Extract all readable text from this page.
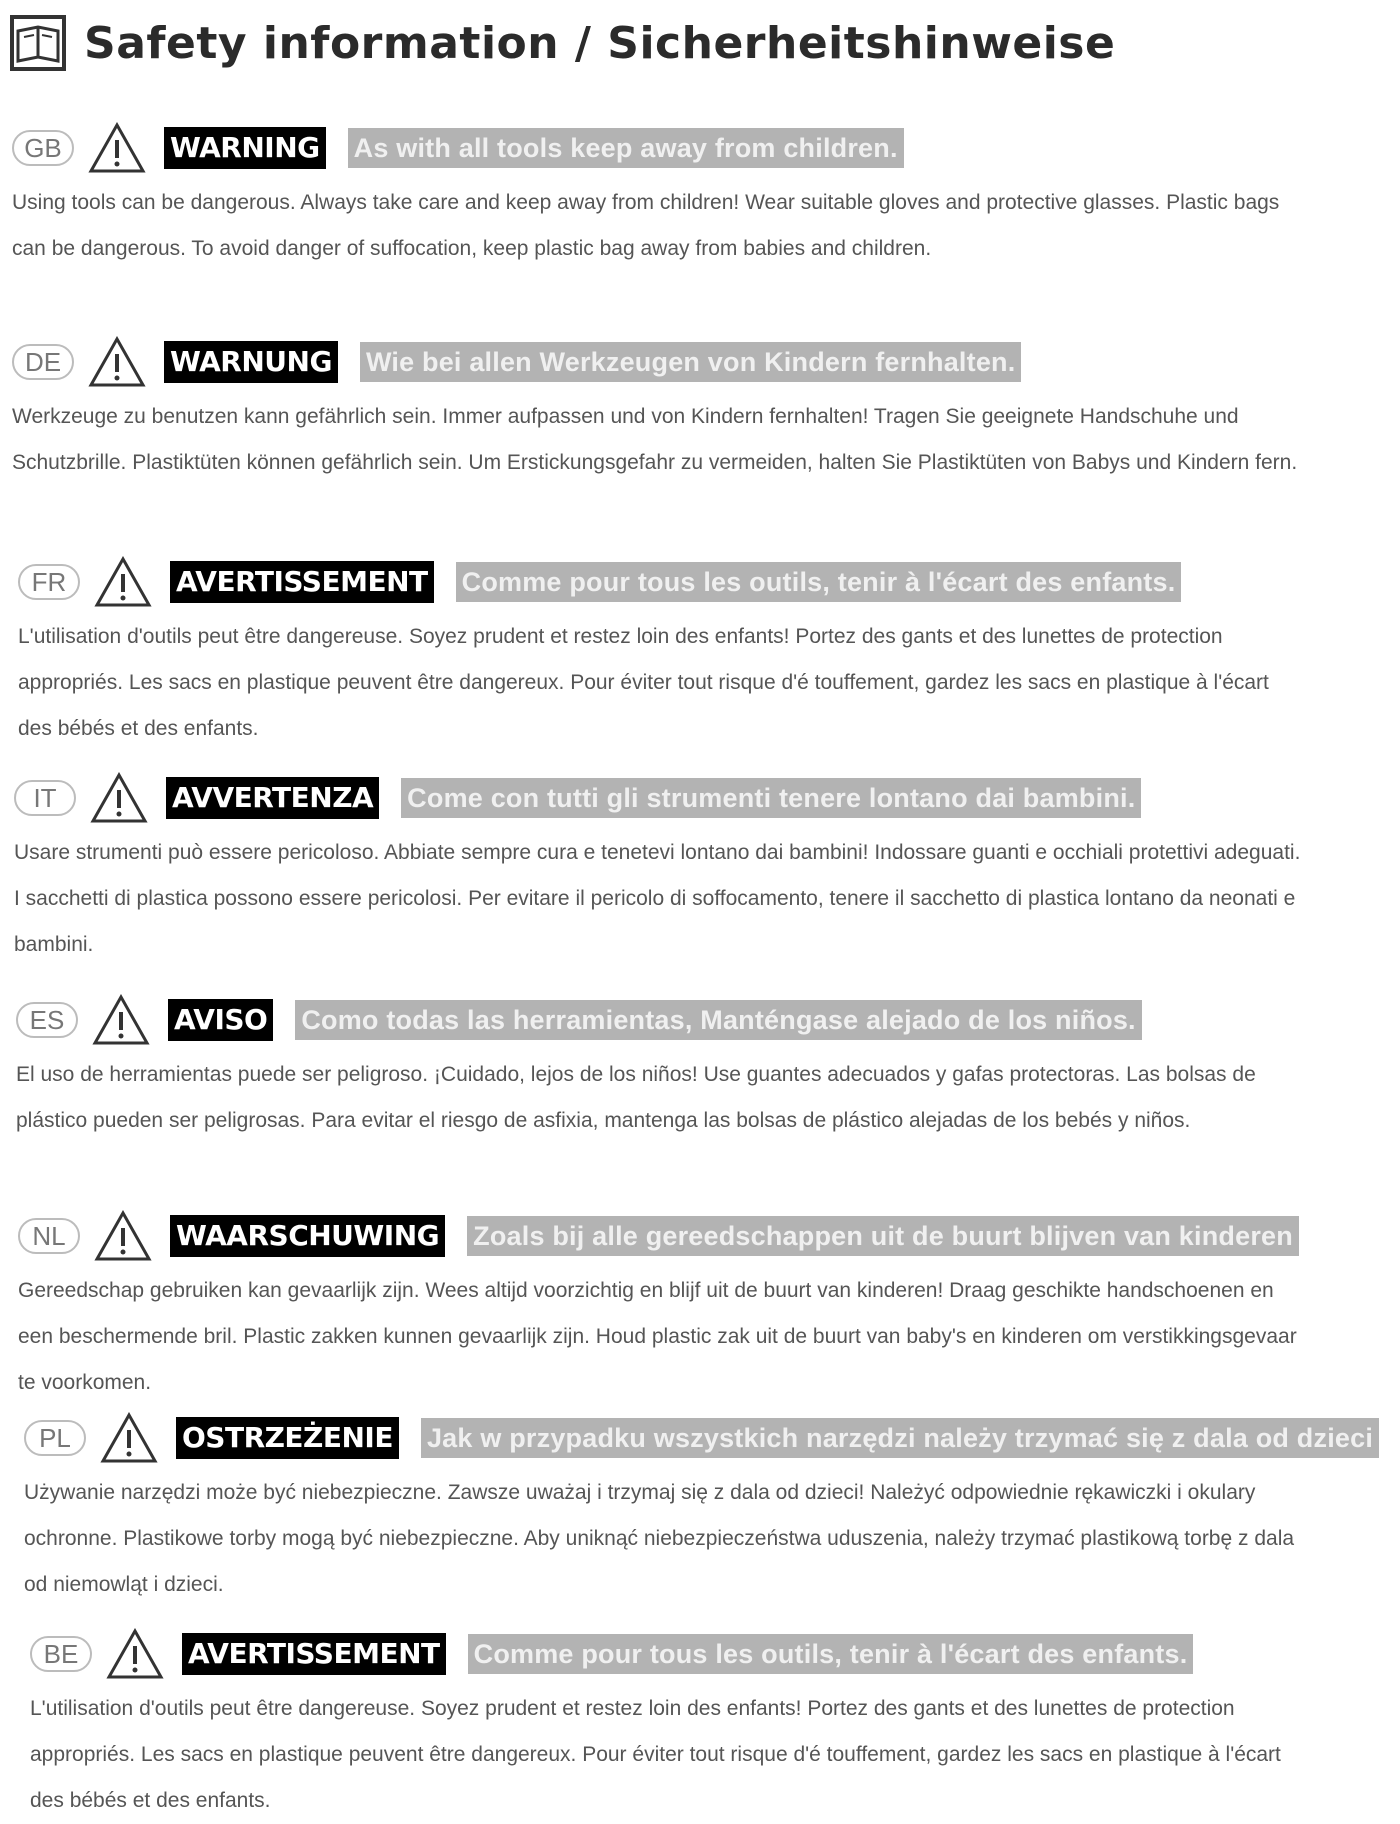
Safety information / Sicherheitshinweise
GB	WARNING As with all tools keep away from children.
Using tools can be dangerous. Always take care and keep away from children! Wear suitable gloves and protective glasses. Plastic bags can be dangerous. To avoid danger of suffocation, keep plastic bag away from babies and children.
DE	WARNUNG Wie bei allen Werkzeugen von Kindern fernhalten.
Werkzeuge zu benutzen kann gefährlich sein. Immer aufpassen und von Kindern fernhalten! Tragen Sie geeignete Handschuhe und Schutzbrille. Plastiktüten können gefährlich sein. Um Erstickungsgefahr zu vermeiden, halten Sie Plastiktüten von Babys und Kindern fern.
FR	AVERTISSEMENT Comme pour tous les outils, tenir à l'écart des enfants.
L'utilisation d'outils peut être dangereuse. Soyez prudent et restez loin des enfants! Portez des gants et des lunettes de protection appropriés. Les sacs en plastique peuvent être dangereux. Pour éviter tout risque d'é touffement, gardez les sacs en plastique à l'écart des bébés et des enfants.
IT	AVVERTENZA Come con tutti gli strumenti tenere lontano dai bambini.
Usare strumenti può essere pericoloso. Abbiate sempre cura e tenetevi lontano dai bambini! Indossare guanti e occhiali protettivi adeguati. I sacchetti di plastica possono essere pericolosi. Per evitare il pericolo di soffocamento, tenere il sacchetto di plastica lontano da neonati e bambini.
ES	AVISO Como todas las herramientas, Manténgase alejado de los niños.
El uso de herramientas puede ser peligroso. ¡Cuidado, lejos de los niños! Use guantes adecuados y gafas protectoras. Las bolsas de plástico pueden ser peligrosas. Para evitar el riesgo de asfixia, mantenga las bolsas de plástico alejadas de los bebés y niños.
NL	WAARSCHUWING Zoals bij alle gereedschappen uit de buurt blijven van kinderen
Gereedschap gebruiken kan gevaarlijk zijn. Wees altijd voorzichtig en blijf uit de buurt van kinderen! Draag geschikte handschoenen en een beschermende bril. Plastic zakken kunnen gevaarlijk zijn. Houd plastic zak uit de buurt van baby's en kinderen om verstikkingsgevaar te voorkomen.
PL	OSTRZEŻENIE Jak w przypadku wszystkich narzędzi należy trzymać się z dala od dzieci
Używanie narzędzi może być niebezpieczne. Zawsze uważaj i trzymaj się z dala od dzieci! Należyć odpowiednie rękawiczki i okulary ochronne. Plastikowe torby mogą być niebezpieczne. Aby uniknąć niebezpieczeństwa uduszenia, należy trzymać plastikową torbę z dala od niemowląt i dzieci.
BE	AVERTISSEMENT Comme pour tous les outils, tenir à l'écart des enfants.
L'utilisation d'outils peut être dangereuse. Soyez prudent et restez loin des enfants! Portez des gants et des lunettes de protection appropriés. Les sacs en plastique peuvent être dangereux. Pour éviter tout risque d'é touffement, gardez les sacs en plastique à l'écart des bébés et des enfants.
